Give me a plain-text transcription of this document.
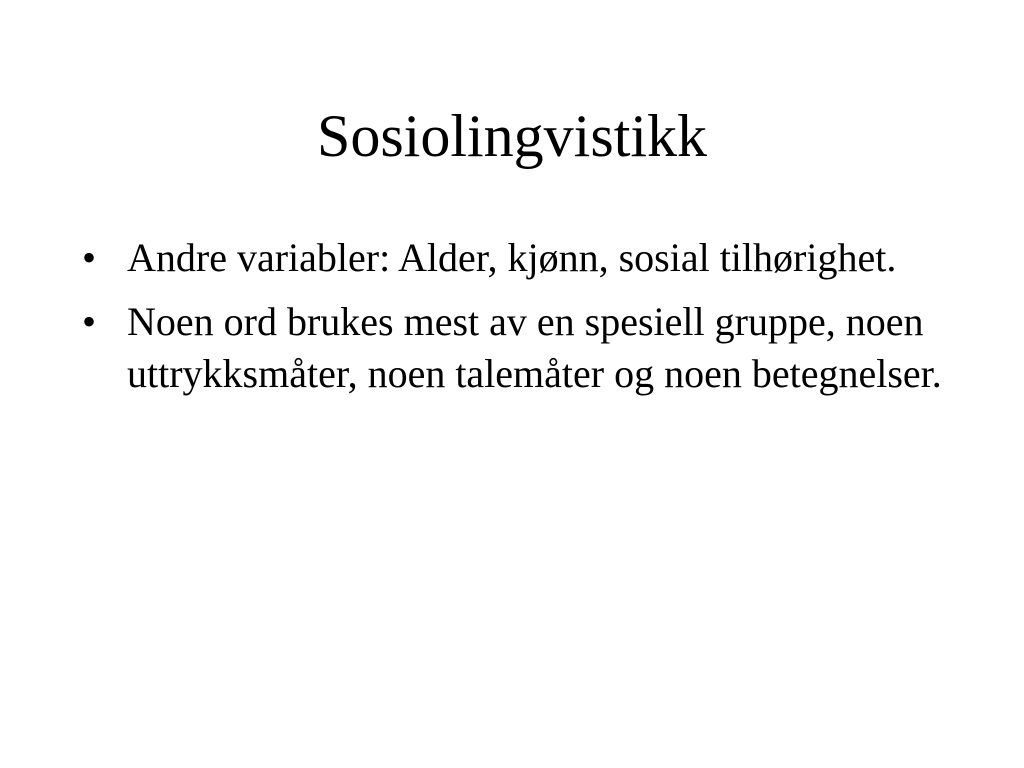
Sosiolingvistikk
• Andre variabler: Alder, kjønn, sosial tilhørighet.
• Noen ord brukes mest av en spesiell gruppe, noen uttrykksmåter, noen talemåter og noen betegnelser.
